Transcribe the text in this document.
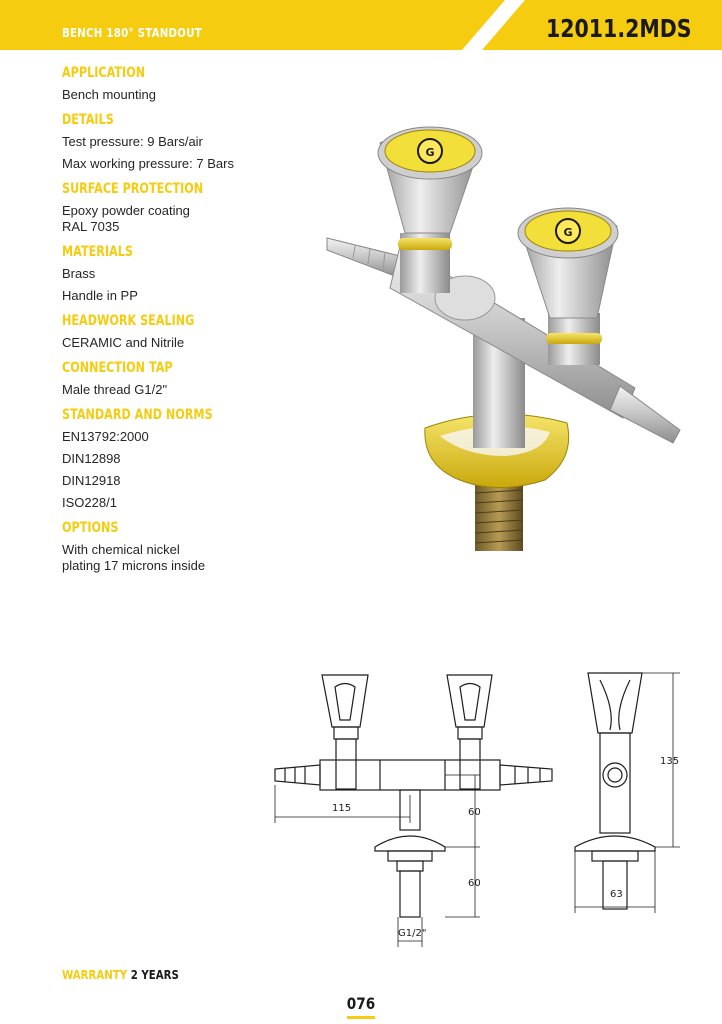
BENCH 180° STANDOUT	12011.2MDS
APPLICATION
Bench mounting
DETAILS
Test pressure: 9 Bars/air
Max working pressure: 7 Bars
SURFACE PROTECTION
Epoxy powder coating
RAL 7035
MATERIALS
Brass
Handle in PP
HEADWORK SEALING
CERAMIC and Nitrile
CONNECTION TAP
Male thread G1/2"
STANDARD AND NORMS
EN13792:2000
DIN12898
DIN12918
ISO228/1
OPTIONS
With chemical nickel
plating 17 microns inside
G
G
115	60
60
G1/2"
135
63
WARRANTY 2 YEARS
076
